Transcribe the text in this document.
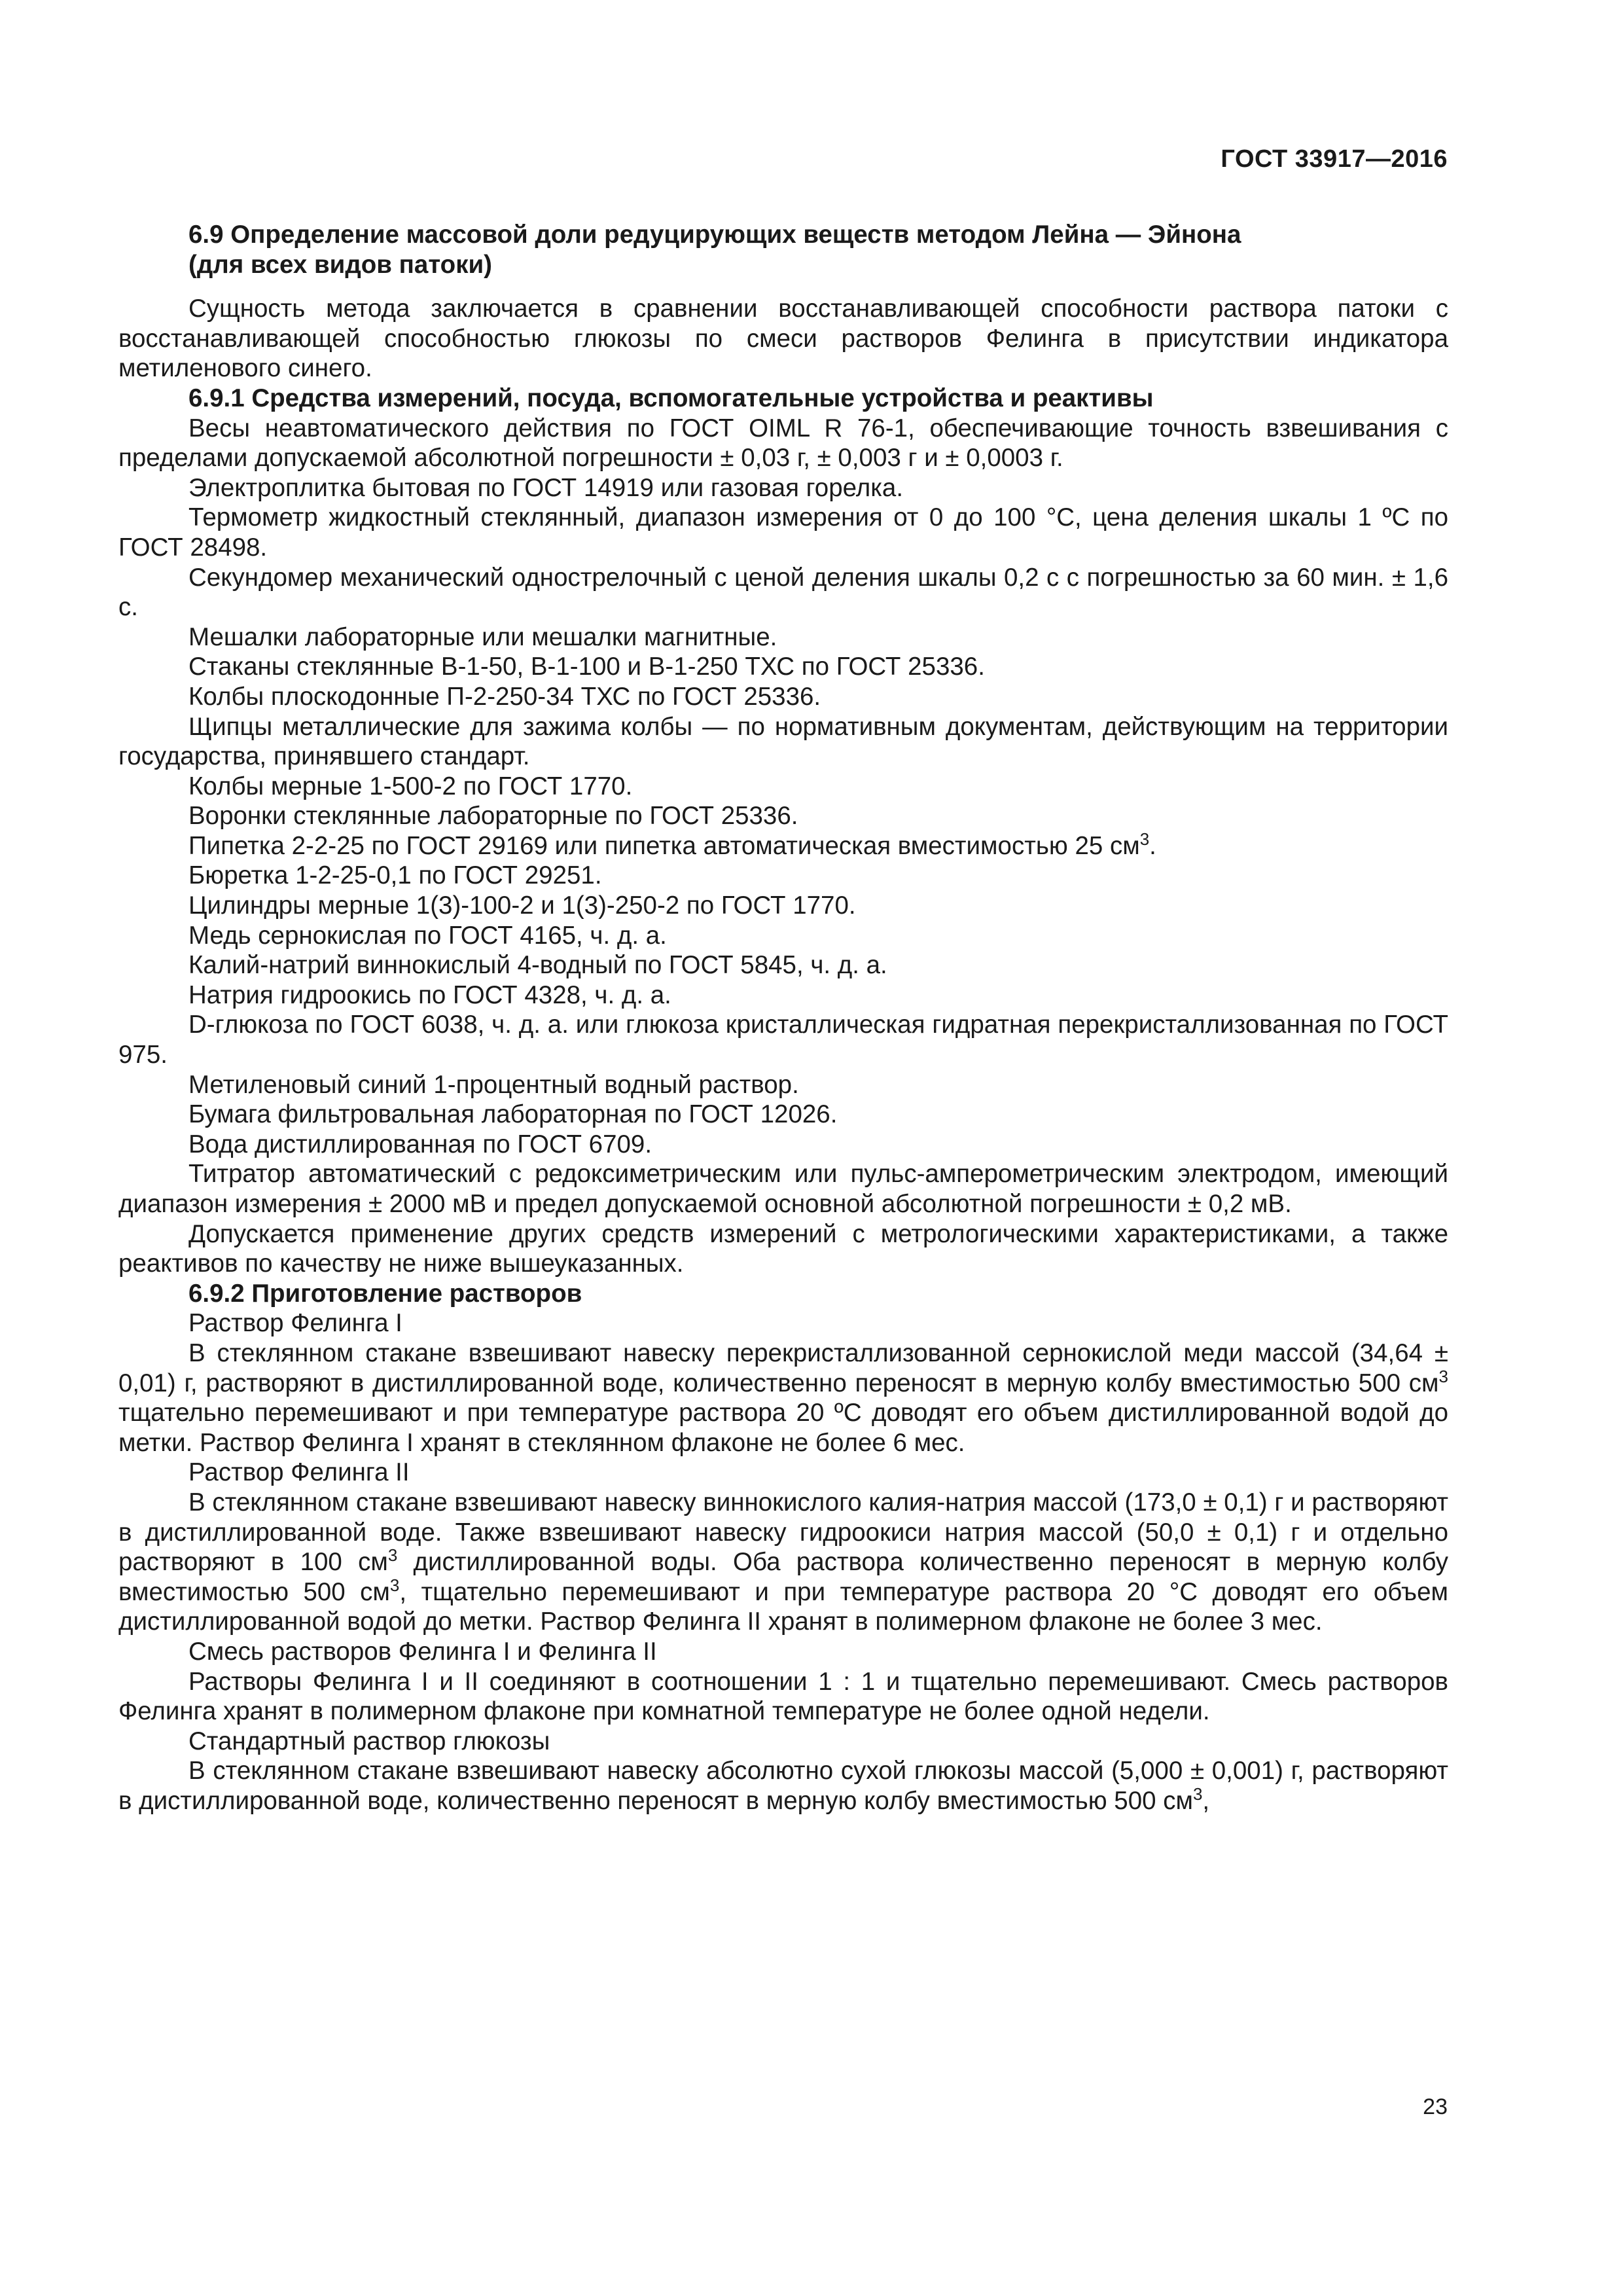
ГОСТ 33917—2016
6.9 Определение массовой доли редуцирующих веществ методом Лейна — Эйнона
(для всех видов патоки)

Сущность метода заключается в сравнении восстанавливающей способности раствора патоки с восстанавливающей способностью глюкозы по смеси растворов Фелинга в присутствии индикатора метиленового синего.

6.9.1 Средства измерений, посуда, вспомогательные устройства и реактивы

Весы неавтоматического действия по ГОСТ OIML R 76-1, обеспечивающие точность взвешивания с пределами допускаемой абсолютной погрешности ± 0,03 г, ± 0,003 г и ± 0,0003 г.

Электроплитка бытовая по ГОСТ 14919 или газовая горелка.

Термометр жидкостный стеклянный, диапазон измерения от 0 до 100 °С, цена деления шкалы 1 ºС по ГОСТ 28498.

Секундомер механический однострелочный с ценой деления шкалы 0,2 с с погрешностью за 60 мин. ± 1,6 с.

Мешалки лабораторные или мешалки магнитные.

Стаканы стеклянные В-1-50, В-1-100 и В-1-250 ТХС по ГОСТ 25336.

Колбы плоскодонные П-2-250-34 ТХС по ГОСТ 25336.

Щипцы металлические для зажима колбы — по нормативным документам, действующим на территории государства, принявшего стандарт.

Колбы мерные 1-500-2 по ГОСТ 1770.

Воронки стеклянные лабораторные по ГОСТ 25336.

Пипетка 2-2-25 по ГОСТ 29169 или пипетка автоматическая вместимостью 25 $см^3$.

Бюретка 1-2-25-0,1 по ГОСТ 29251.

Цилиндры мерные 1(3)-100-2 и 1(3)-250-2 по ГОСТ 1770.

Медь сернокислая по ГОСТ 4165, ч. д. а.

Калий-натрий виннокислый 4-водный по ГОСТ 5845, ч. д. а.

Натрия гидроокись по ГОСТ 4328, ч. д. а.

D-глюкоза по ГОСТ 6038, ч. д. а. или глюкоза кристаллическая гидратная перекристаллизованная по ГОСТ 975.

Метиленовый синий 1-процентный водный раствор.

Бумага фильтровальная лабораторная по ГОСТ 12026.

Вода дистиллированная по ГОСТ 6709.

Титратор автоматический с редоксиметрическим или пульс-амперометрическим электродом, имеющий диапазон измерения ± 2000 мВ и предел допускаемой основной абсолютной погрешности ± 0,2 мВ.

Допускается применение других средств измерений с метрологическими характеристиками, а также реактивов по качеству не ниже вышеуказанных.

6.9.2 Приготовление растворов

Раствор Фелинга I

В стеклянном стакане взвешивают навеску перекристаллизованной сернокислой меди массой (34,64 ± 0,01) г, растворяют в дистиллированной воде, количественно переносят в мерную колбу вместимостью 500 $см^3$ тщательно перемешивают и при температуре раствора 20 ºС доводят его объем дистиллированной водой до метки. Раствор Фелинга I хранят в стеклянном флаконе не более 6 мес.

Раствор Фелинга II

В стеклянном стакане взвешивают навеску виннокислого калия-натрия массой (173,0 ± 0,1) г и растворяют в дистиллированной воде. Также взвешивают навеску гидроокиси натрия массой (50,0 ± 0,1) г и отдельно растворяют в 100 $см^3$ дистиллированной воды. Оба раствора количественно переносят в мерную колбу вместимостью 500 $см^3$, тщательно перемешивают и при температуре раствора 20 °С доводят его объем дистиллированной водой до метки. Раствор Фелинга II хранят в полимерном флаконе не более 3 мес.

Смесь растворов Фелинга I и Фелинга II

Растворы Фелинга I и II соединяют в соотношении 1 : 1 и тщательно перемешивают. Смесь растворов Фелинга хранят в полимерном флаконе при комнатной температуре не более одной недели.

Стандартный раствор глюкозы

В стеклянном стакане взвешивают навеску абсолютно сухой глюкозы массой (5,000 ± 0,001) г, растворяют в дистиллированной воде, количественно переносят в мерную колбу вместимостью 500 $см^3$,

23
